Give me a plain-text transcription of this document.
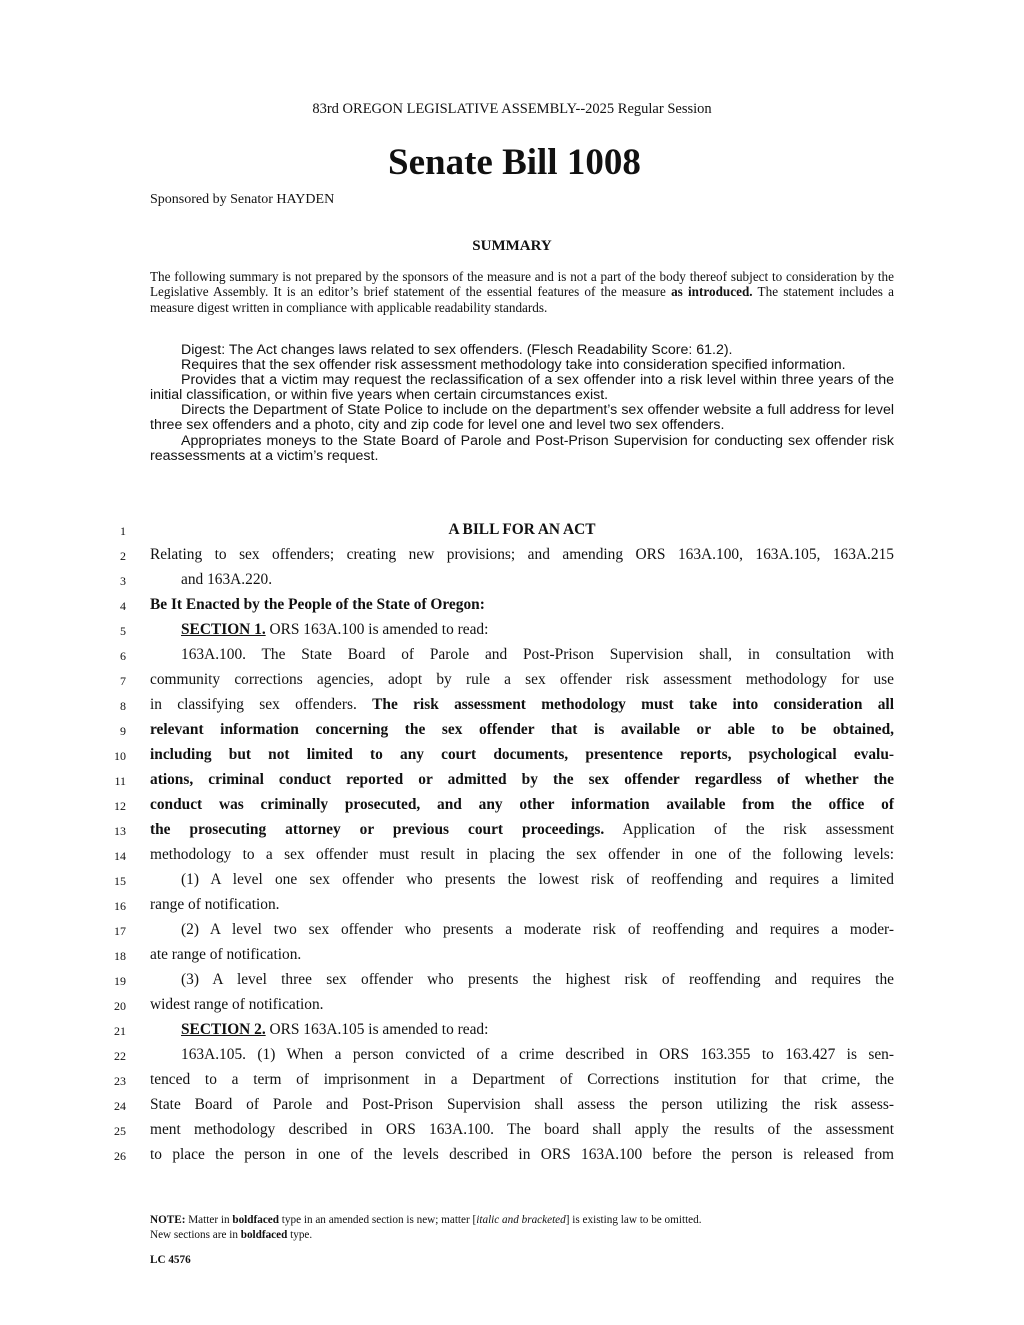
83rd OREGON LEGISLATIVE ASSEMBLY--2025 Regular Session
Senate Bill 1008
Sponsored by Senator HAYDEN
SUMMARY
The following summary is not prepared by the sponsors of the measure and is not a part of the body thereof subject to consideration by the Legislative Assembly. It is an editor’s brief statement of the essential features of the measure as introduced. The statement includes a measure digest written in compliance with applicable readability standards.

Digest: The Act changes laws related to sex offenders. (Flesch Readability Score: 61.2).

Requires that the sex offender risk assessment methodology take into consideration specified information.

Provides that a victim may request the reclassification of a sex offender into a risk level within three years of the initial classification, or within five years when certain circumstances exist.

Directs the Department of State Police to include on the department’s sex offender website a full address for level three sex offenders and a photo, city and zip code for level one and level two sex offenders.

Appropriates moneys to the State Board of Parole and Post-Prison Supervision for conducting sex offender risk reassessments at a victim’s request.

1
2
3
4
5
6
7
8
9
10
11
12
13
14
15
16
17
18
19
20
21
22
23
24
25
26
A BILL FOR AN ACT
Relating to sex offenders; creating new provisions; and amending ORS 163A.100, 163A.105, 163A.215
and 163A.220.
Be It Enacted by the People of the State of Oregon:
SECTION 1. ORS 163A.100 is amended to read:
163A.100. The State Board of Parole and Post-Prison Supervision shall, in consultation with
community corrections agencies, adopt by rule a sex offender risk assessment methodology for use
in classifying sex offenders. The risk assessment methodology must take into consideration all
relevant information concerning the sex offender that is available or able to be obtained,
including but not limited to any court documents, presentence reports, psychological evalu-
ations, criminal conduct reported or admitted by the sex offender regardless of whether the
conduct was criminally prosecuted, and any other information available from the office of
the prosecuting attorney or previous court proceedings. Application of the risk assessment
methodology to a sex offender must result in placing the sex offender in one of the following levels:
(1) A level one sex offender who presents the lowest risk of reoffending and requires a limited
range of notification.
(2) A level two sex offender who presents a moderate risk of reoffending and requires a moder-
ate range of notification.
(3) A level three sex offender who presents the highest risk of reoffending and requires the
widest range of notification.
SECTION 2. ORS 163A.105 is amended to read:
163A.105. (1) When a person convicted of a crime described in ORS 163.355 to 163.427 is sen-
tenced to a term of imprisonment in a Department of Corrections institution for that crime, the
State Board of Parole and Post-Prison Supervision shall assess the person utilizing the risk assess-
ment methodology described in ORS 163A.100. The board shall apply the results of the assessment
to place the person in one of the levels described in ORS 163A.100 before the person is released from
NOTE: Matter in boldfaced type in an amended section is new; matter [italic and bracketed] is existing law to be omitted.
New sections are in boldfaced type.
LC 4576
